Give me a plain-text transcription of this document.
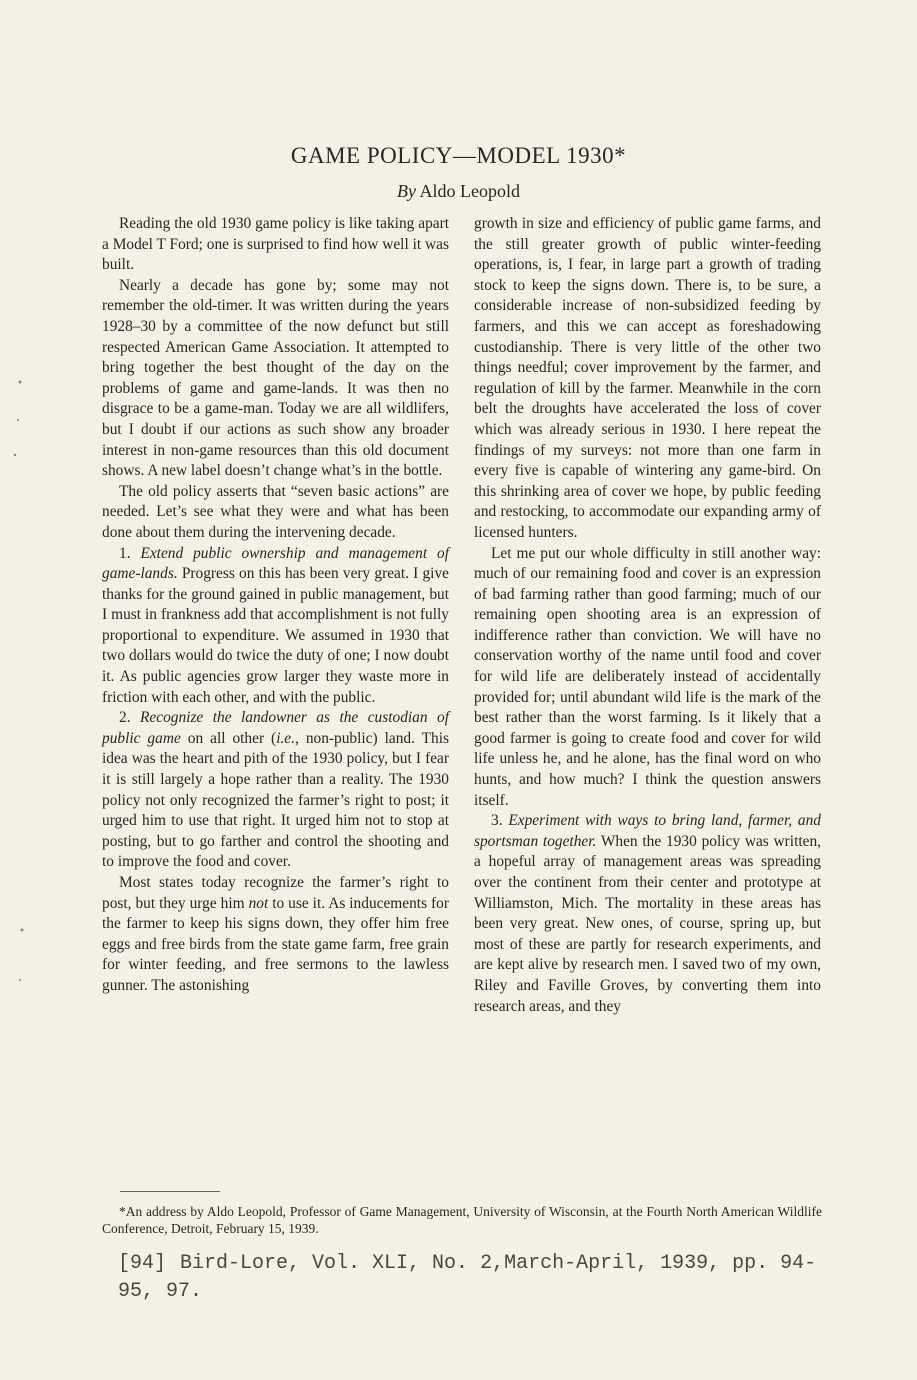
GAME POLICY—MODEL 1930*

By Aldo Leopold

Reading the old 1930 game policy is like taking apart a Model T Ford; one is surprised to find how well it was built.

Nearly a decade has gone by; some may not remember the old-timer. It was written during the years 1928–30 by a committee of the now defunct but still respected American Game Association. It attempted to bring together the best thought of the day on the problems of game and game-lands. It was then no disgrace to be a game-man. Today we are all wildlifers, but I doubt if our actions as such show any broader interest in non-game resources than this old document shows. A new label doesn’t change what’s in the bottle.

The old policy asserts that “seven basic actions” are needed. Let’s see what they were and what has been done about them during the intervening decade.

1. Extend public ownership and management of game-lands. Progress on this has been very great. I give thanks for the ground gained in public management, but I must in frankness add that accomplishment is not fully proportional to expenditure. We assumed in 1930 that two dollars would do twice the duty of one; I now doubt it. As public agencies grow larger they waste more in friction with each other, and with the public.

2. Recognize the landowner as the custodian of public game on all other (i.e., non-public) land. This idea was the heart and pith of the 1930 policy, but I fear it is still largely a hope rather than a reality. The 1930 policy not only recognized the farmer’s right to post; it urged him to use that right. It urged him not to stop at posting, but to go farther and control the shooting and to improve the food and cover.

Most states today recognize the farmer’s right to post, but they urge him not to use it. As inducements for the farmer to keep his signs down, they offer him free eggs and free birds from the state game farm, free grain for winter feeding, and free sermons to the lawless gunner. The astonishing

growth in size and efficiency of public game farms, and the still greater growth of public winter-feeding operations, is, I fear, in large part a growth of trading stock to keep the signs down. There is, to be sure, a considerable increase of non-subsidized feeding by farmers, and this we can accept as foreshadowing custodianship. There is very little of the other two things needful; cover improvement by the farmer, and regulation of kill by the farmer. Meanwhile in the corn belt the droughts have accelerated the loss of cover which was already serious in 1930. I here repeat the findings of my surveys: not more than one farm in every five is capable of wintering any game-bird. On this shrinking area of cover we hope, by public feeding and restocking, to accommodate our expanding army of licensed hunters.

Let me put our whole difficulty in still another way: much of our remaining food and cover is an expression of bad farming rather than good farming; much of our remaining open shooting area is an expression of indifference rather than conviction. We will have no conservation worthy of the name until food and cover for wild life are deliberately instead of accidentally provided for; until abundant wild life is the mark of the best rather than the worst farming. Is it likely that a good farmer is going to create food and cover for wild life unless he, and he alone, has the final word on who hunts, and how much? I think the question answers itself.

3. Experiment with ways to bring land, farmer, and sportsman together. When the 1930 policy was written, a hopeful array of management areas was spreading over the continent from their center and prototype at Williamston, Mich. The mortality in these areas has been very great. New ones, of course, spring up, but most of these are partly for research experiments, and are kept alive by research men. I saved two of my own, Riley and Faville Groves, by converting them into research areas, and they

*An address by Aldo Leopold, Professor of Game Management, University of Wisconsin, at the Fourth North American Wildlife Conference, Detroit, February 15, 1939.

[94] Bird-Lore, Vol. XLI, No. 2,March-April, 1939, pp. 94-95, 97.
